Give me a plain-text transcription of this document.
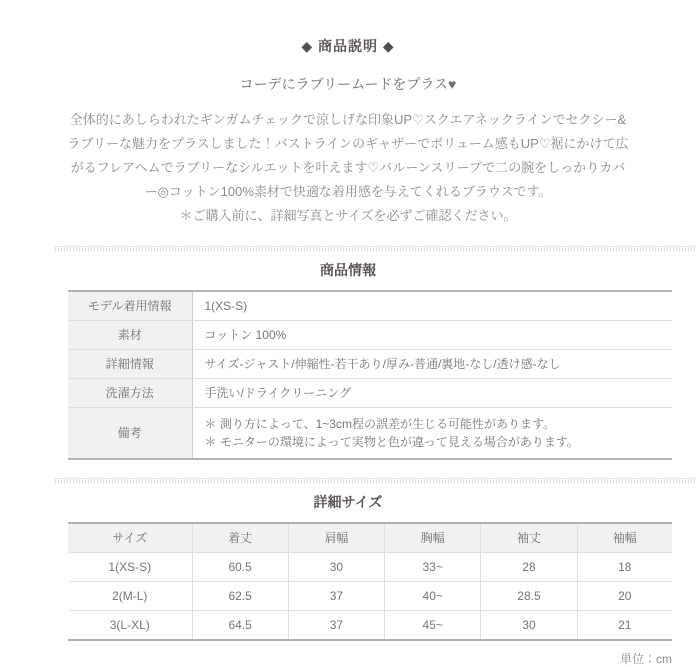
◆ 商品説明 ◆
コーデにラブリームードをプラス♥
全体的にあしらわれたギンガムチェックで涼しげな印象UP♡スクエアネックラインでセクシー&
ラブリーな魅力をプラスしました！バストラインのギャザーでボリューム感もUP♡裾にかけて広
がるフレアヘムでラブリーなシルエットを叶えます♡バルーンスリーブで二の腕をしっかりカバ
ー◎コットン100%素材で快適な着用感を与えてくれるブラウスです。
＊ご購入前に、詳細写真とサイズを必ずご確認ください。
商品情報
モデル着用情報	1(XS-S)
素材	コットン 100%
詳細情報	サイズ-ジャスト/伸縮性-若干あり/厚み-普通/裏地-なし/透け感-なし
洗濯方法	手洗い/ドライクリーニング
備考	＊ 測り方によって、1~3cm程の誤差が生じる可能性があります。
＊ モニターの環境によって実物と色が違って見える場合があります。
詳細サイズ
サイズ	着丈	肩幅	胸幅	袖丈	袖幅
1(XS-S)	60.5	30	33~	28	18
2(M-L)	62.5	37	40~	28.5	20
3(L-XL)	64.5	37	45~	30	21
単位：cm
